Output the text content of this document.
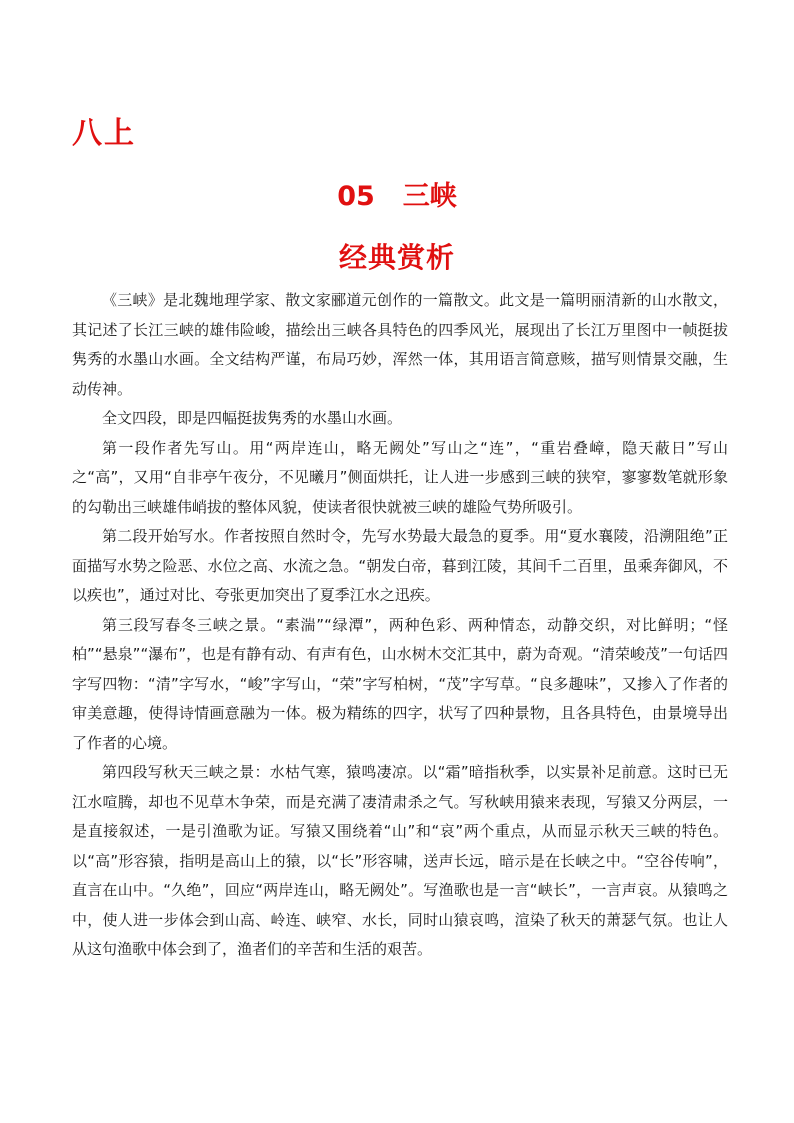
八上
05 三峡
经典赏析

《三峡》是北魏地理学家、散文家郦道元创作的一篇散文。此文是一篇明丽清新的山水散文，其记述了长江三峡的雄伟险峻，描绘出三峡各具特色的四季风光，展现出了长江万里图中一帧挺拔隽秀的水墨山水画。全文结构严谨，布局巧妙，浑然一体，其用语言简意赅，描写则情景交融，生动传神。

全文四段，即是四幅挺拔隽秀的水墨山水画。

第一段作者先写山。用“两岸连山，略无阙处”写山之“连”，“重岩叠嶂，隐天蔽日”写山之“高”，又用“自非亭午夜分，不见曦月”侧面烘托，让人进一步感到三峡的狭窄，寥寥数笔就形象的勾勒出三峡雄伟峭拔的整体风貌，使读者很快就被三峡的雄险气势所吸引。

第二段开始写水。作者按照自然时令，先写水势最大最急的夏季。用“夏水襄陵，沿溯阻绝”正面描写水势之险恶、水位之高、水流之急。“朝发白帝，暮到江陵，其间千二百里，虽乘奔御风，不以疾也”，通过对比、夸张更加突出了夏季江水之迅疾。

第三段写春冬三峡之景。“素湍”“绿潭”，两种色彩、两种情态，动静交织，对比鲜明；“怪柏”“悬泉”“瀑布”，也是有静有动、有声有色，山水树木交汇其中，蔚为奇观。“清荣峻茂”一句话四字写四物：“清”字写水，“峻”字写山，“荣”字写柏树，“茂”字写草。“良多趣味”，又掺入了作者的审美意趣，使得诗情画意融为一体。极为精练的四字，状写了四种景物，且各具特色，由景境导出了作者的心境。

第四段写秋天三峡之景：水枯气寒，猿鸣凄凉。以“霜”暗指秋季，以实景补足前意。这时已无江水喧腾，却也不见草木争荣，而是充满了凄清肃杀之气。写秋峡用猿来表现，写猿又分两层，一是直接叙述，一是引渔歌为证。写猿又围绕着“山”和“哀”两个重点，从而显示秋天三峡的特色。以“高”形容猿，指明是高山上的猿，以“长”形容啸，送声长远，暗示是在长峡之中。“空谷传响”，直言在山中。“久绝”，回应“两岸连山，略无阙处”。写渔歌也是一言“峡长”，一言声哀。从猿鸣之中，使人进一步体会到山高、岭连、峡窄、水长，同时山猿哀鸣，渲染了秋天的萧瑟气氛。也让人从这句渔歌中体会到了，渔者们的辛苦和生活的艰苦。
